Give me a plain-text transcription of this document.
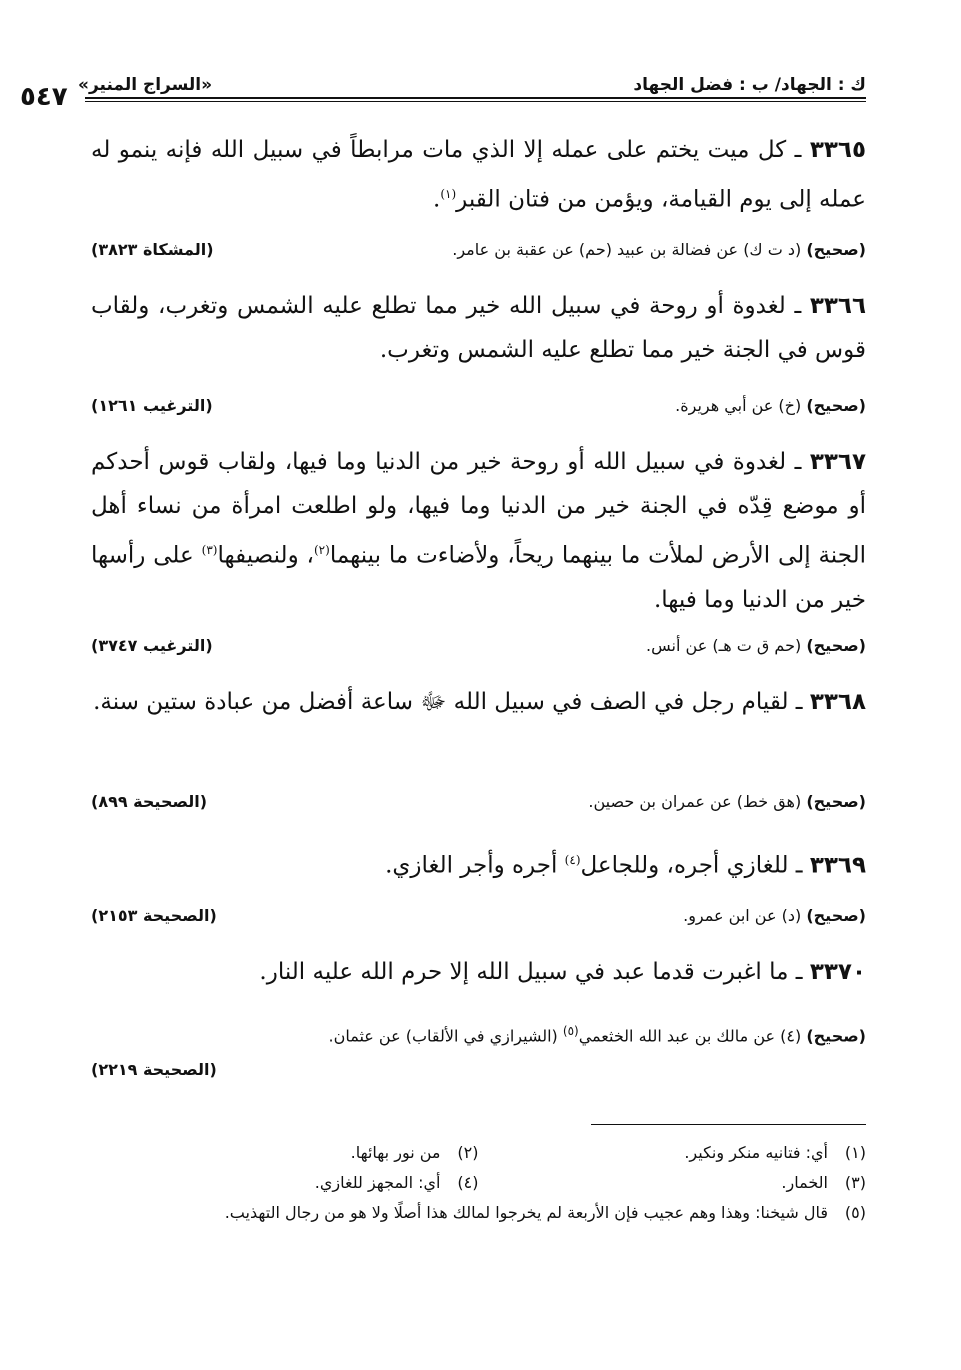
٥٤٧	ك : الجهاد/ ب : فضل الجهاد
«السراج المنير»
٣٣٦٥ ـ كل ميت يختم على عمله إلا الذي مات مرابطاً في سبيل الله فإنه ينمو له عمله إلى يوم القيامة، ويؤمن من فتان القبر$^{(١)}$.
(صحيح) (د ت ك) عن فضالة بن عبيد (حم) عن عقبة بن عامر.
(المشكاة ٣٨٢٣)
٣٣٦٦ ـ لغدوة أو روحة في سبيل الله خير مما تطلع عليه الشمس وتغرب، ولقاب قوس في الجنة خير مما تطلع عليه الشمس وتغرب.
(صحيح) (خ) عن أبي هريرة.
(الترغيب ١٢٦١)
٣٣٦٧ ـ لغدوة في سبيل الله أو روحة خير من الدنيا وما فيها، ولقاب قوس أحدكم أو موضع قِدّه في الجنة خير من الدنيا وما فيها، ولو اطلعت امرأة من نساء أهل الجنة إلى الأرض لملأت ما بينهما ريحاً، ولأضاءت ما بينهما$^{(٢)}$، ولنصيفها$^{(٣)}$ على رأسها خير من الدنيا وما فيها.
(صحيح) (حم ق ت هـ) عن أنس.
(الترغيب ٣٧٤٧)
٣٣٦٨ ـ لقيام رجل في الصف في سبيل الله ﷻ ساعة أفضل من عبادة ستين سنة.
(صحيح) (هق خط) عن عمران بن حصين.
(الصحيحة ٨٩٩)
٣٣٦٩ ـ للغازي أجره، وللجاعل$^{(٤)}$ أجره وأجر الغازي.
(صحيح) (د) عن ابن عمرو.
(الصحيحة ٢١٥٣)
٣٣٧٠ ـ ما اغبرت قدما عبد في سبيل الله إلا حرم الله عليه النار.
(صحيح) (٤) عن مالك بن عبد الله الخثعمي$^{(٥)}$ (الشيرازي في الألقاب) عن عثمان.
(الصحيحة ٢٢١٩)
(١)أي: فتانيه منكر ونكير.
(٢)من نور بهائها.
(٣)الخمار.
(٤)أي: المجهز للغازي.
(٥)قال شيخنا: وهذا وهم عجيب فإن الأربعة لم يخرجوا لمالك هذا أصلًا ولا هو من رجال التهذيب.
